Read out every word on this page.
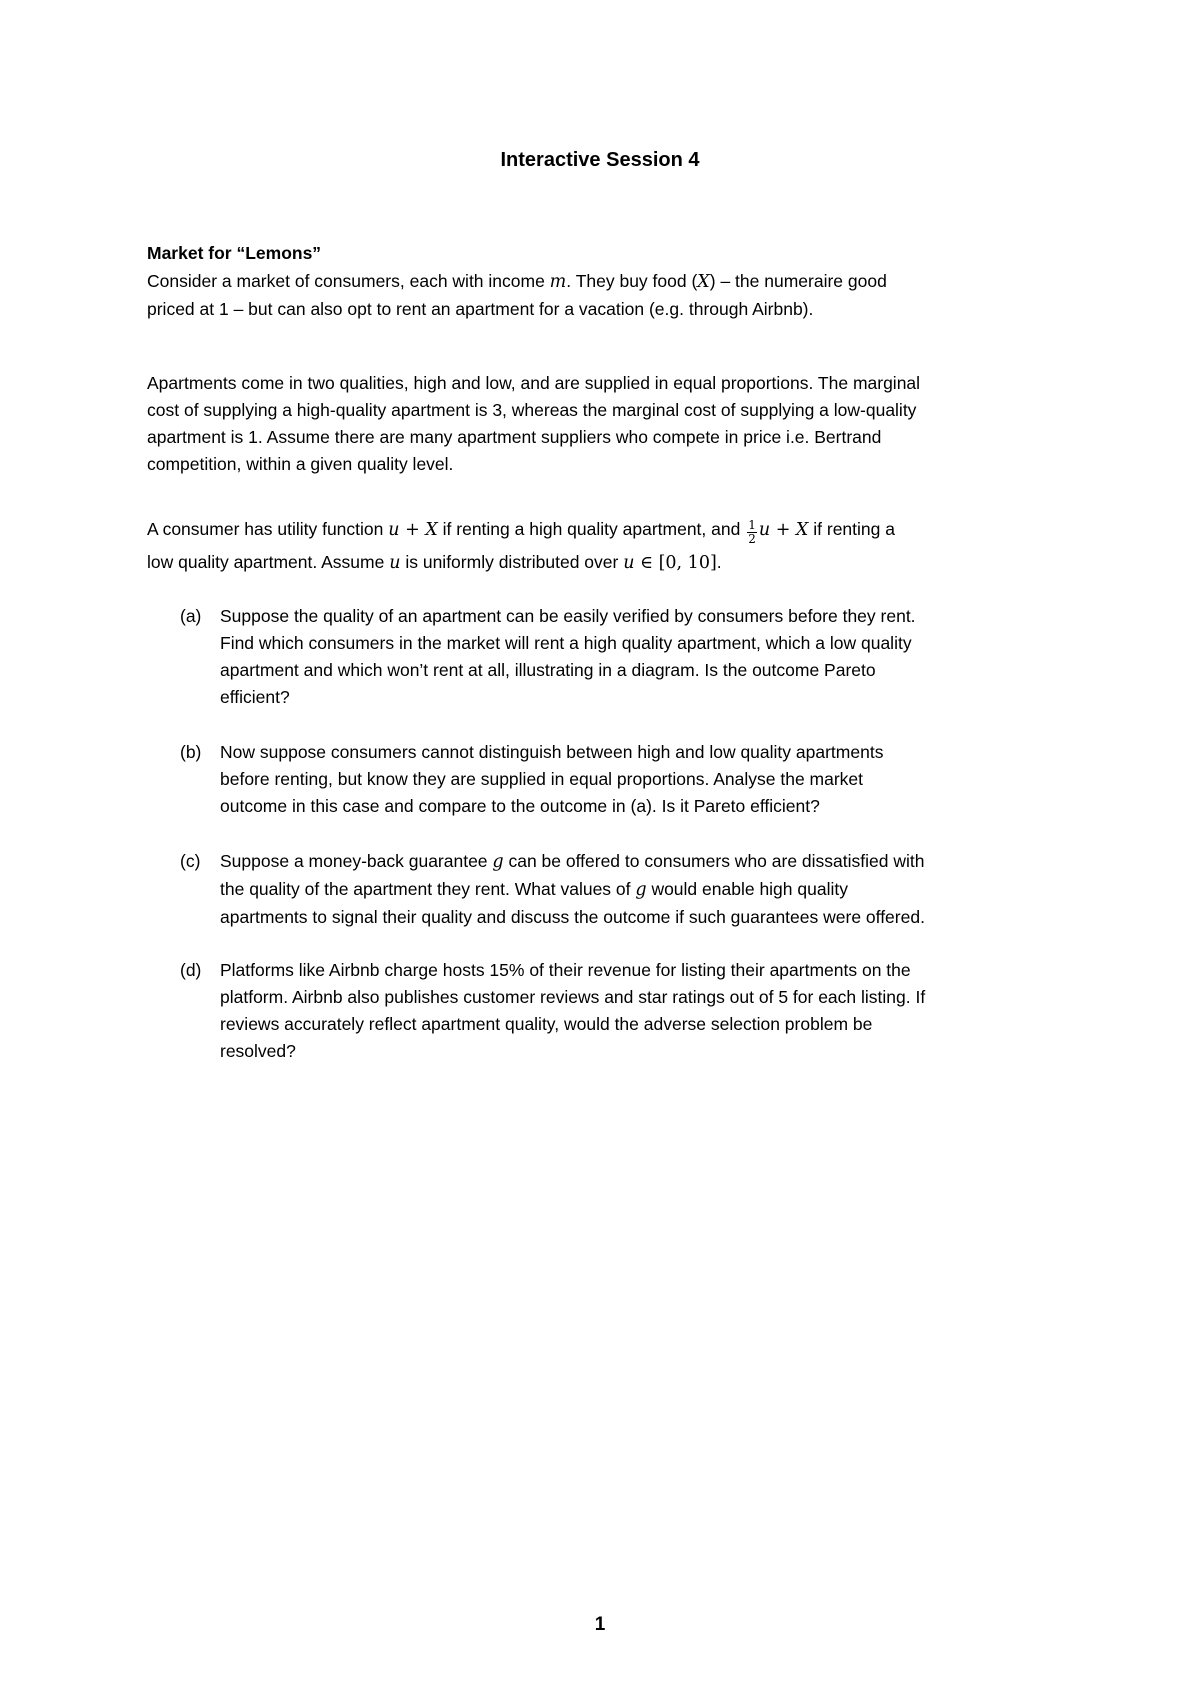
Interactive Session 4
Market for “Lemons”

Consider a market of consumers, each with income m. They buy food (X) – the numeraire good

priced at 1 – but can also opt to rent an apartment for a vacation (e.g. through Airbnb).

Apartments come in two qualities, high and low, and are supplied in equal proportions. The marginal

cost of supplying a high-quality apartment is 3, whereas the marginal cost of supplying a low-quality

apartment is 1. Assume there are many apartment suppliers who compete in price i.e. Bertrand

competition, within a given quality level.

A consumer has utility function u + X if renting a high quality apartment, and $\frac{1}{2}$ u + X if renting a

low quality apartment. Assume u is uniformly distributed over u ∈ [0, 10].

(a) Suppose the quality of an apartment can be easily verified by consumers before they rent.
Find which consumers in the market will rent a high quality apartment, which a low quality
apartment and which won’t rent at all, illustrating in a diagram. Is the outcome Pareto
efficient?
(b) Now suppose consumers cannot distinguish between high and low quality apartments
before renting, but know they are supplied in equal proportions. Analyse the market
outcome in this case and compare to the outcome in (a). Is it Pareto efficient?
(c) Suppose a money-back guarantee g can be offered to consumers who are dissatisfied with
the quality of the apartment they rent. What values of g would enable high quality
apartments to signal their quality and discuss the outcome if such guarantees were offered.
(d) Platforms like Airbnb charge hosts 15% of their revenue for listing their apartments on the
platform. Airbnb also publishes customer reviews and star ratings out of 5 for each listing. If
reviews accurately reflect apartment quality, would the adverse selection problem be
resolved?
1
